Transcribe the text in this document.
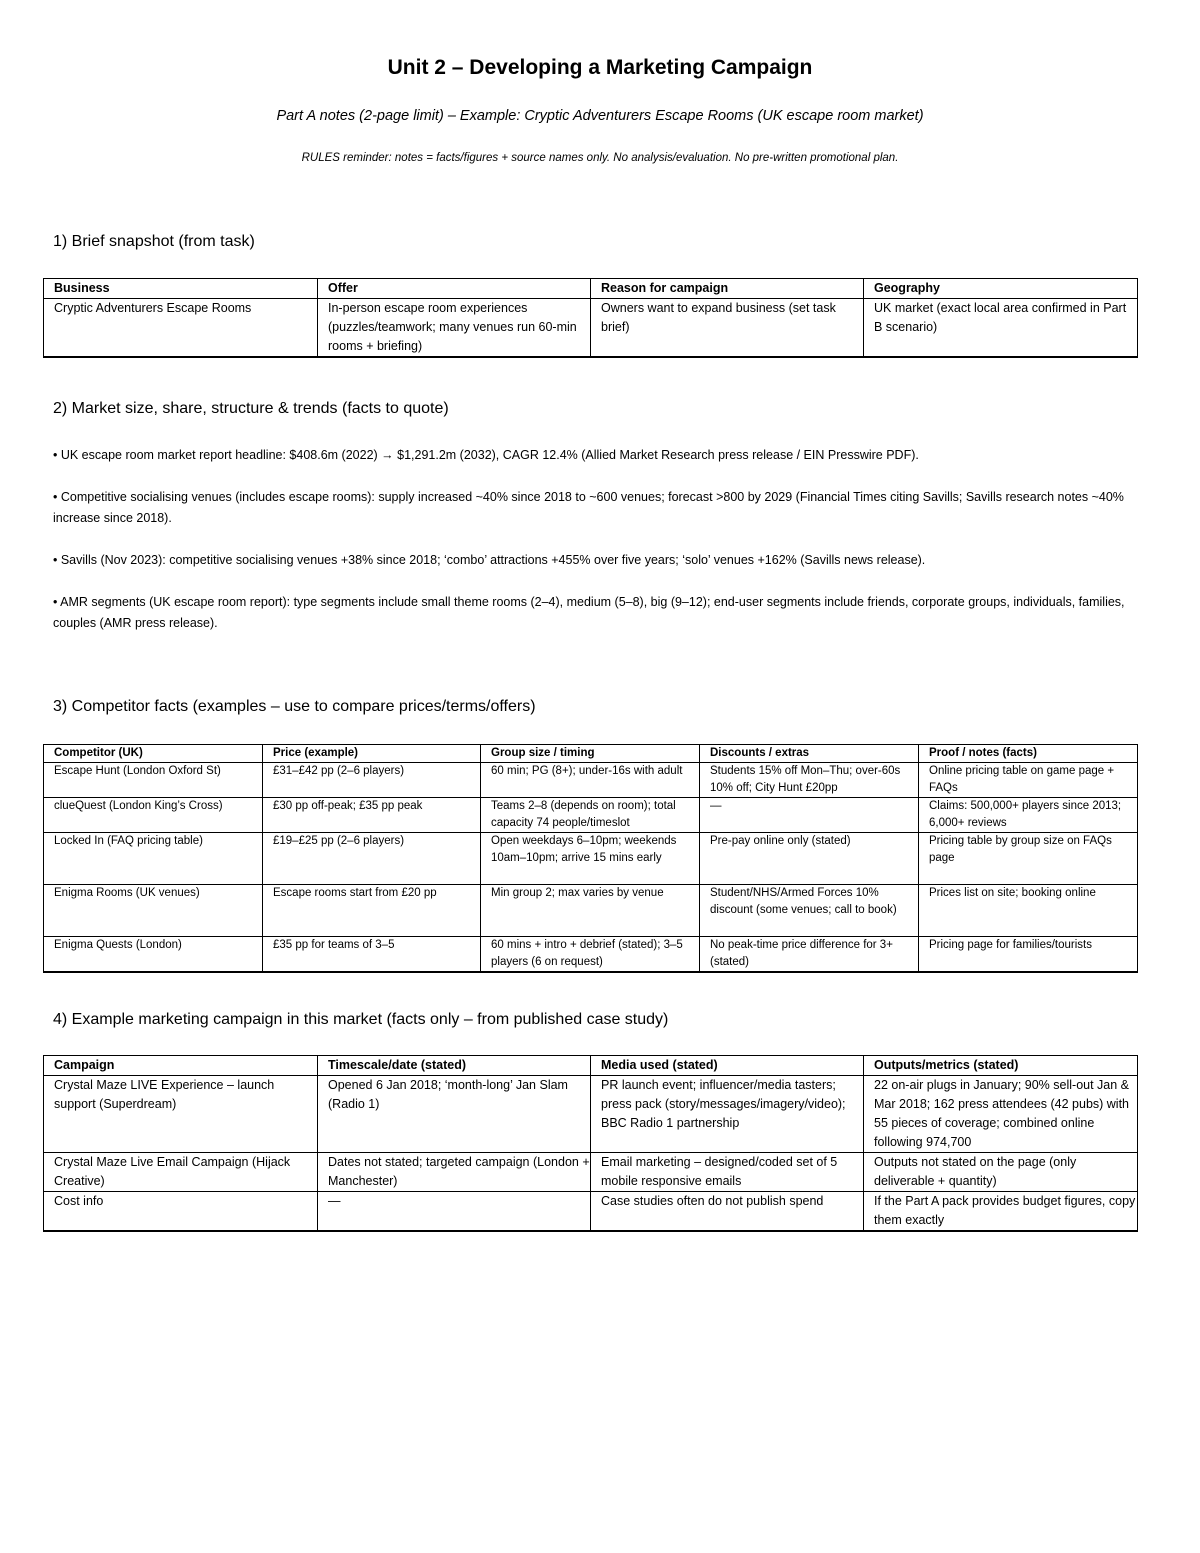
Unit 2 – Developing a Marketing Campaign
Part A notes (2-page limit) – Example: Cryptic Adventurers Escape Rooms (UK escape room market)
RULES reminder: notes = facts/figures + source names only. No analysis/evaluation. No pre-written promotional plan.
1) Brief snapshot (from task)
Business	Offer	Reason for campaign	Geography
Cryptic Adventurers Escape Rooms	In-person escape room experiences (puzzles/teamwork; many venues run 60-min rooms + briefing)	Owners want to expand business (set task brief)	UK market (exact local area confirmed in Part B scenario)
2) Market size, share, structure & trends (facts to quote)
• UK escape room market report headline: $408.6m (2022) → $1,291.2m (2032), CAGR 12.4% (Allied Market Research press release / EIN Presswire PDF).
• Competitive socialising venues (includes escape rooms): supply increased ~40% since 2018 to ~600 venues; forecast >800 by 2029 (Financial Times citing Savills; Savills research notes ~40% increase since 2018).
• Savills (Nov 2023): competitive socialising venues +38% since 2018; ‘combo’ attractions +455% over five years; ‘solo’ venues +162% (Savills news release).
• AMR segments (UK escape room report): type segments include small theme rooms (2–4), medium (5–8), big (9–12); end-user segments include friends, corporate groups, individuals, families, couples (AMR press release).
3) Competitor facts (examples – use to compare prices/terms/offers)
Competitor (UK)	Price (example)	Group size / timing	Discounts / extras	Proof / notes (facts)
Escape Hunt (London Oxford St)	£31–£42 pp (2–6 players)	60 min; PG (8+); under-16s with adult	Students 15% off Mon–Thu; over-60s 10% off; City Hunt £20pp	Online pricing table on game page + FAQs
clueQuest (London King’s Cross)	£30 pp off-peak; £35 pp peak	Teams 2–8 (depends on room); total capacity 74 people/timeslot	—	Claims: 500,000+ players since 2013; 6,000+ reviews
Locked In (FAQ pricing table)	£19–£25 pp (2–6 players)	Open weekdays 6–10pm; weekends 10am–10pm; arrive 15 mins early	Pre-pay online only (stated)	Pricing table by group size on FAQs page
Enigma Rooms (UK venues)	Escape rooms start from £20 pp	Min group 2; max varies by venue	Student/NHS/Armed Forces 10% discount (some venues; call to book)	Prices list on site; booking online
Enigma Quests (London)	£35 pp for teams of 3–5	60 mins + intro + debrief (stated); 3–5 players (6 on request)	No peak-time price difference for 3+ (stated)	Pricing page for families/tourists
4) Example marketing campaign in this market (facts only – from published case study)
Campaign	Timescale/date (stated)	Media used (stated)	Outputs/metrics (stated)
Crystal Maze LIVE Experience – launch support (Superdream)	Opened 6 Jan 2018; ‘month-long’ Jan Slam (Radio 1)	PR launch event; influencer/media tasters; press pack (story/messages/imagery/video); BBC Radio 1 partnership	22 on-air plugs in January; 90% sell-out Jan & Mar 2018; 162 press attendees (42 pubs) with 55 pieces of coverage; combined online following 974,700
Crystal Maze Live Email Campaign (Hijack Creative)	Dates not stated; targeted campaign (London + Manchester)	Email marketing – designed/coded set of 5 mobile responsive emails	Outputs not stated on the page (only deliverable + quantity)
Cost info	—	Case studies often do not publish spend	If the Part A pack provides budget figures, copy them exactly
